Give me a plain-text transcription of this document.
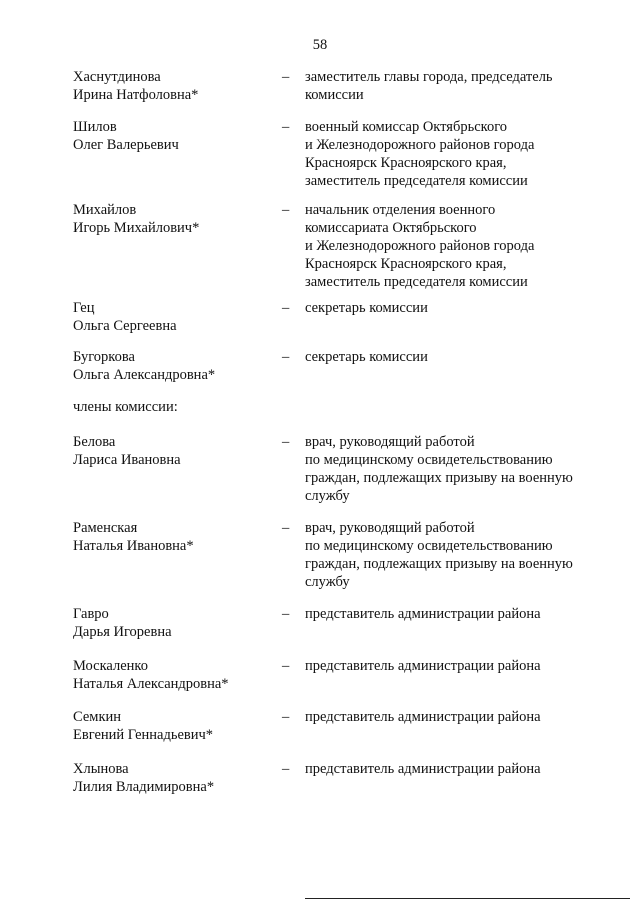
58
Хаснутдинова
Ирина Натфоловна*
– заместитель главы города, председатель
комиссии
Шилов
Олег Валерьевич
– военный комиссар Октябрьского
и Железнодорожного районов города
Красноярск Красноярского края,
заместитель председателя комиссии
Михайлов
Игорь Михайлович*
– начальник отделения военного
комиссариата Октябрьского
и Железнодорожного районов города
Красноярск Красноярского края,
заместитель председателя комиссии
Гец
Ольга Сергеевна
– секретарь комиссии
Бугоркова
Ольга Александровна*
– секретарь комиссии
члены комиссии:
Белова
Лариса Ивановна
– врач, руководящий работой
по медицинскому освидетельствованию
граждан, подлежащих призыву на военную
службу
Раменская
Наталья Ивановна*
– врач, руководящий работой
по медицинскому освидетельствованию
граждан, подлежащих призыву на военную
службу
Гавро
Дарья Игоревна
– представитель администрации района
Москаленко
Наталья Александровна*
– представитель администрации района
Семкин
Евгений Геннадьевич*
– представитель администрации района
Хлынова
Лилия Владимировна*
– представитель администрации района
